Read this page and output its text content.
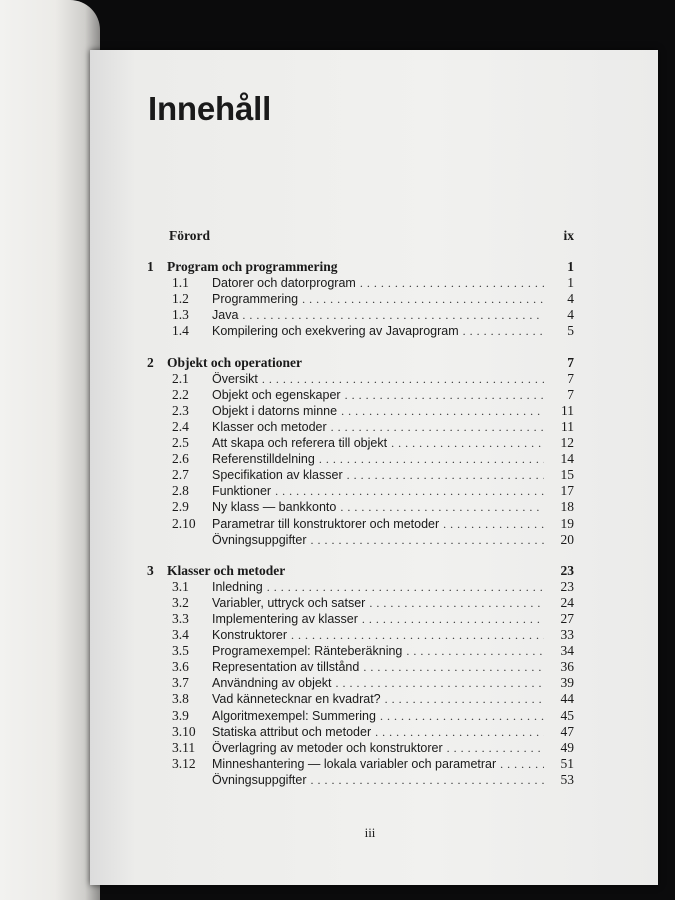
Innehåll
Förord	ix
1 Program och programmering	1
1.1	Datorer och datorprogram .....	1
1.2	Programmering .....	4
1.3	Java .....	4
1.4	Kompilering och exekvering av Javaprogram .....	5
2 Objekt och operationer	7
2.1	Översikt .....	7
2.2	Objekt och egenskaper .....	7
2.3	Objekt i datorns minne .....	11
2.4	Klasser och metoder .....	11
2.5	Att skapa och referera till objekt .....	12
2.6	Referenstilldelning .....	14
2.7	Specifikation av klasser .....	15
2.8	Funktioner .....	17
2.9	Ny klass — bankkonto .....	18
2.10	Parametrar till konstruktorer och metoder .....	19
Övningsuppgifter .....	20
3 Klasser och metoder	23
3.1	Inledning .....	23
3.2	Variabler, uttryck och satser .....	24
3.3	Implementering av klasser .....	27
3.4	Konstruktorer .....	33
3.5	Programexempel: Ränteberäkning .....	34
3.6	Representation av tillstånd .....	36
3.7	Användning av objekt .....	39
3.8	Vad kännetecknar en kvadrat? .....	44
3.9	Algoritmexempel: Summering .....	45
3.10	Statiska attribut och metoder .....	47
3.11	Överlagring av metoder och konstruktorer .....	49
3.12	Minneshantering — lokala variabler och parametrar .....	51
Övningsuppgifter .....	53
iii
